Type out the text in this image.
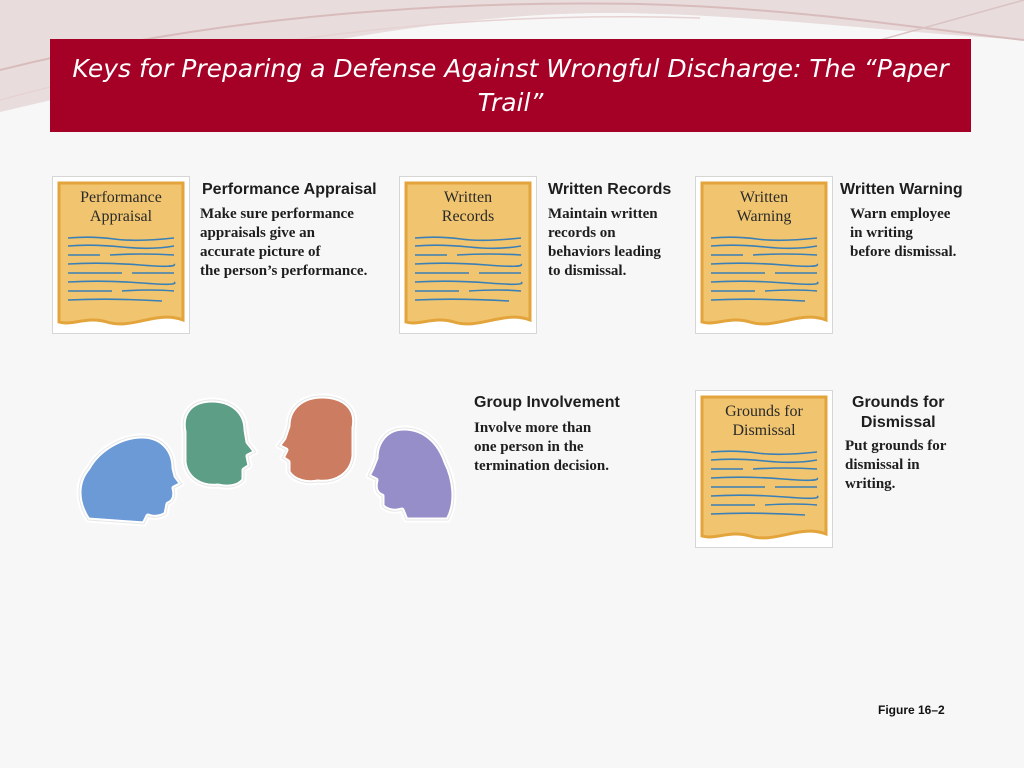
Keys for Preparing a Defense Against Wrongful Discharge: The “Paper Trail”
Performance
Appraisal
Performance Appraisal
Make sure performance
appraisals give an
accurate picture of
the person’s performance.
Written
Records
Written Records
Maintain written
records on
behaviors leading
to dismissal.
Written
Warning
Written Warning
Warn employee
in writing
before dismissal.
Group Involvement
Involve more than
one person in the
termination decision.
Grounds for
Dismissal
Grounds for
Dismissal
Put grounds for
dismissal in
writing.
Figure 16–2
